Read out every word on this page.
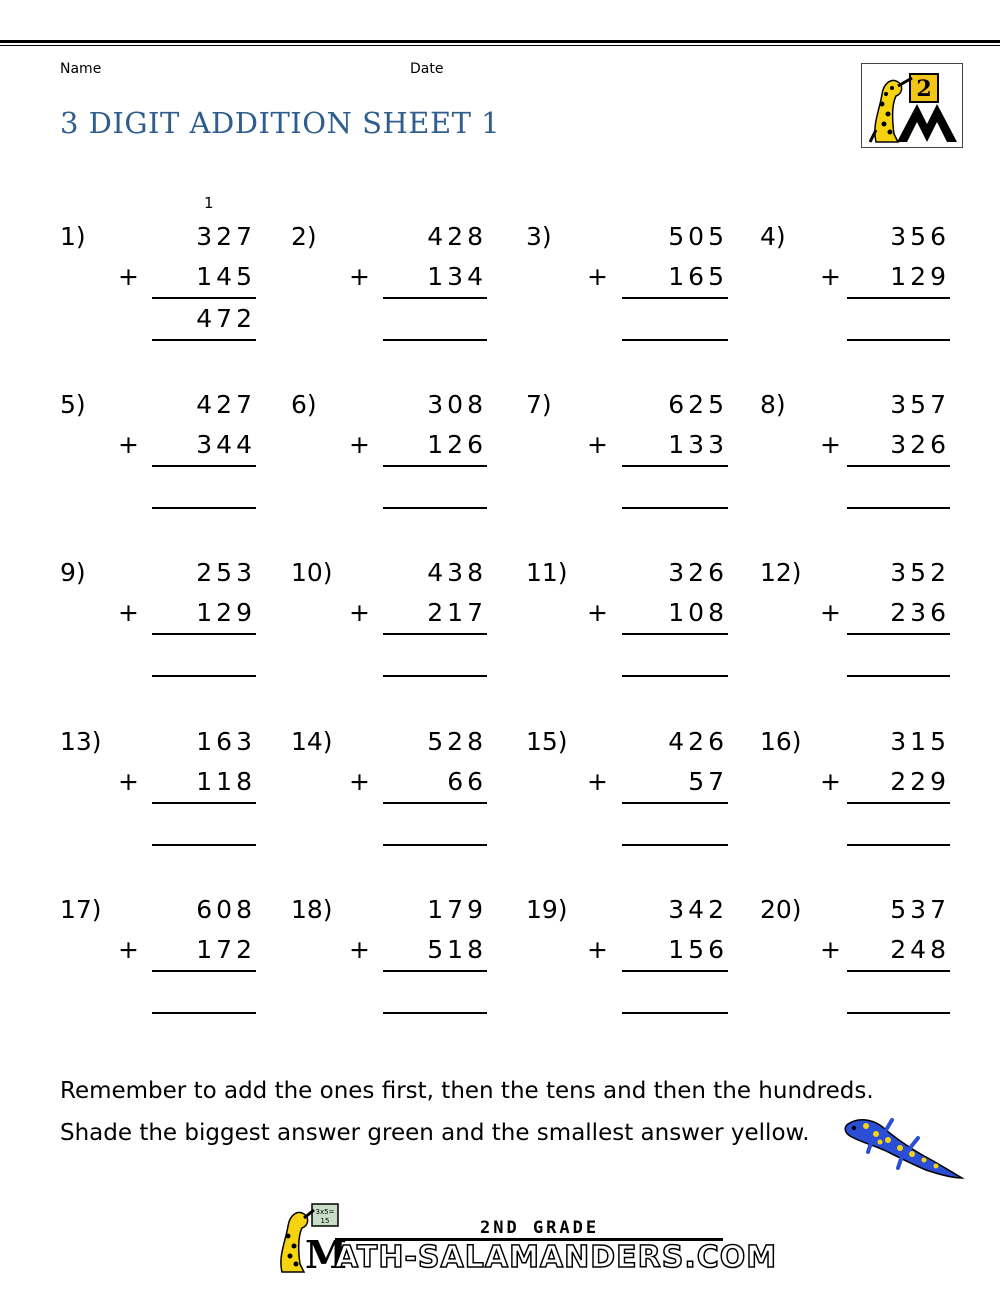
Name	Date
3 DIGIT ADDITION SHEET 1
2
1)	327
+ 145
472
1
2)	428
+ 134
3)	505
+ 165
4)	356
+ 129
5)	427
+ 344
6)	308
+ 126
7)	625
+ 133
8)	357
+ 326
9)	253
+ 129
10)	438
+ 217
11)	326
+ 108
12)	352
+ 236
13)	163
+ 118
14)	528
+	66
15)	426
+	57
16)	315
+ 229
17)	608
+ 172
18)	179
+ 518
19)	342
+ 156
20)	537
+ 248
Remember to add the ones first, then the tens and then the hundreds.
Shade the biggest answer green and the smallest answer yellow.
3x5=
15	2ND GRADE
M
ATH-SALAMANDERS.COM
